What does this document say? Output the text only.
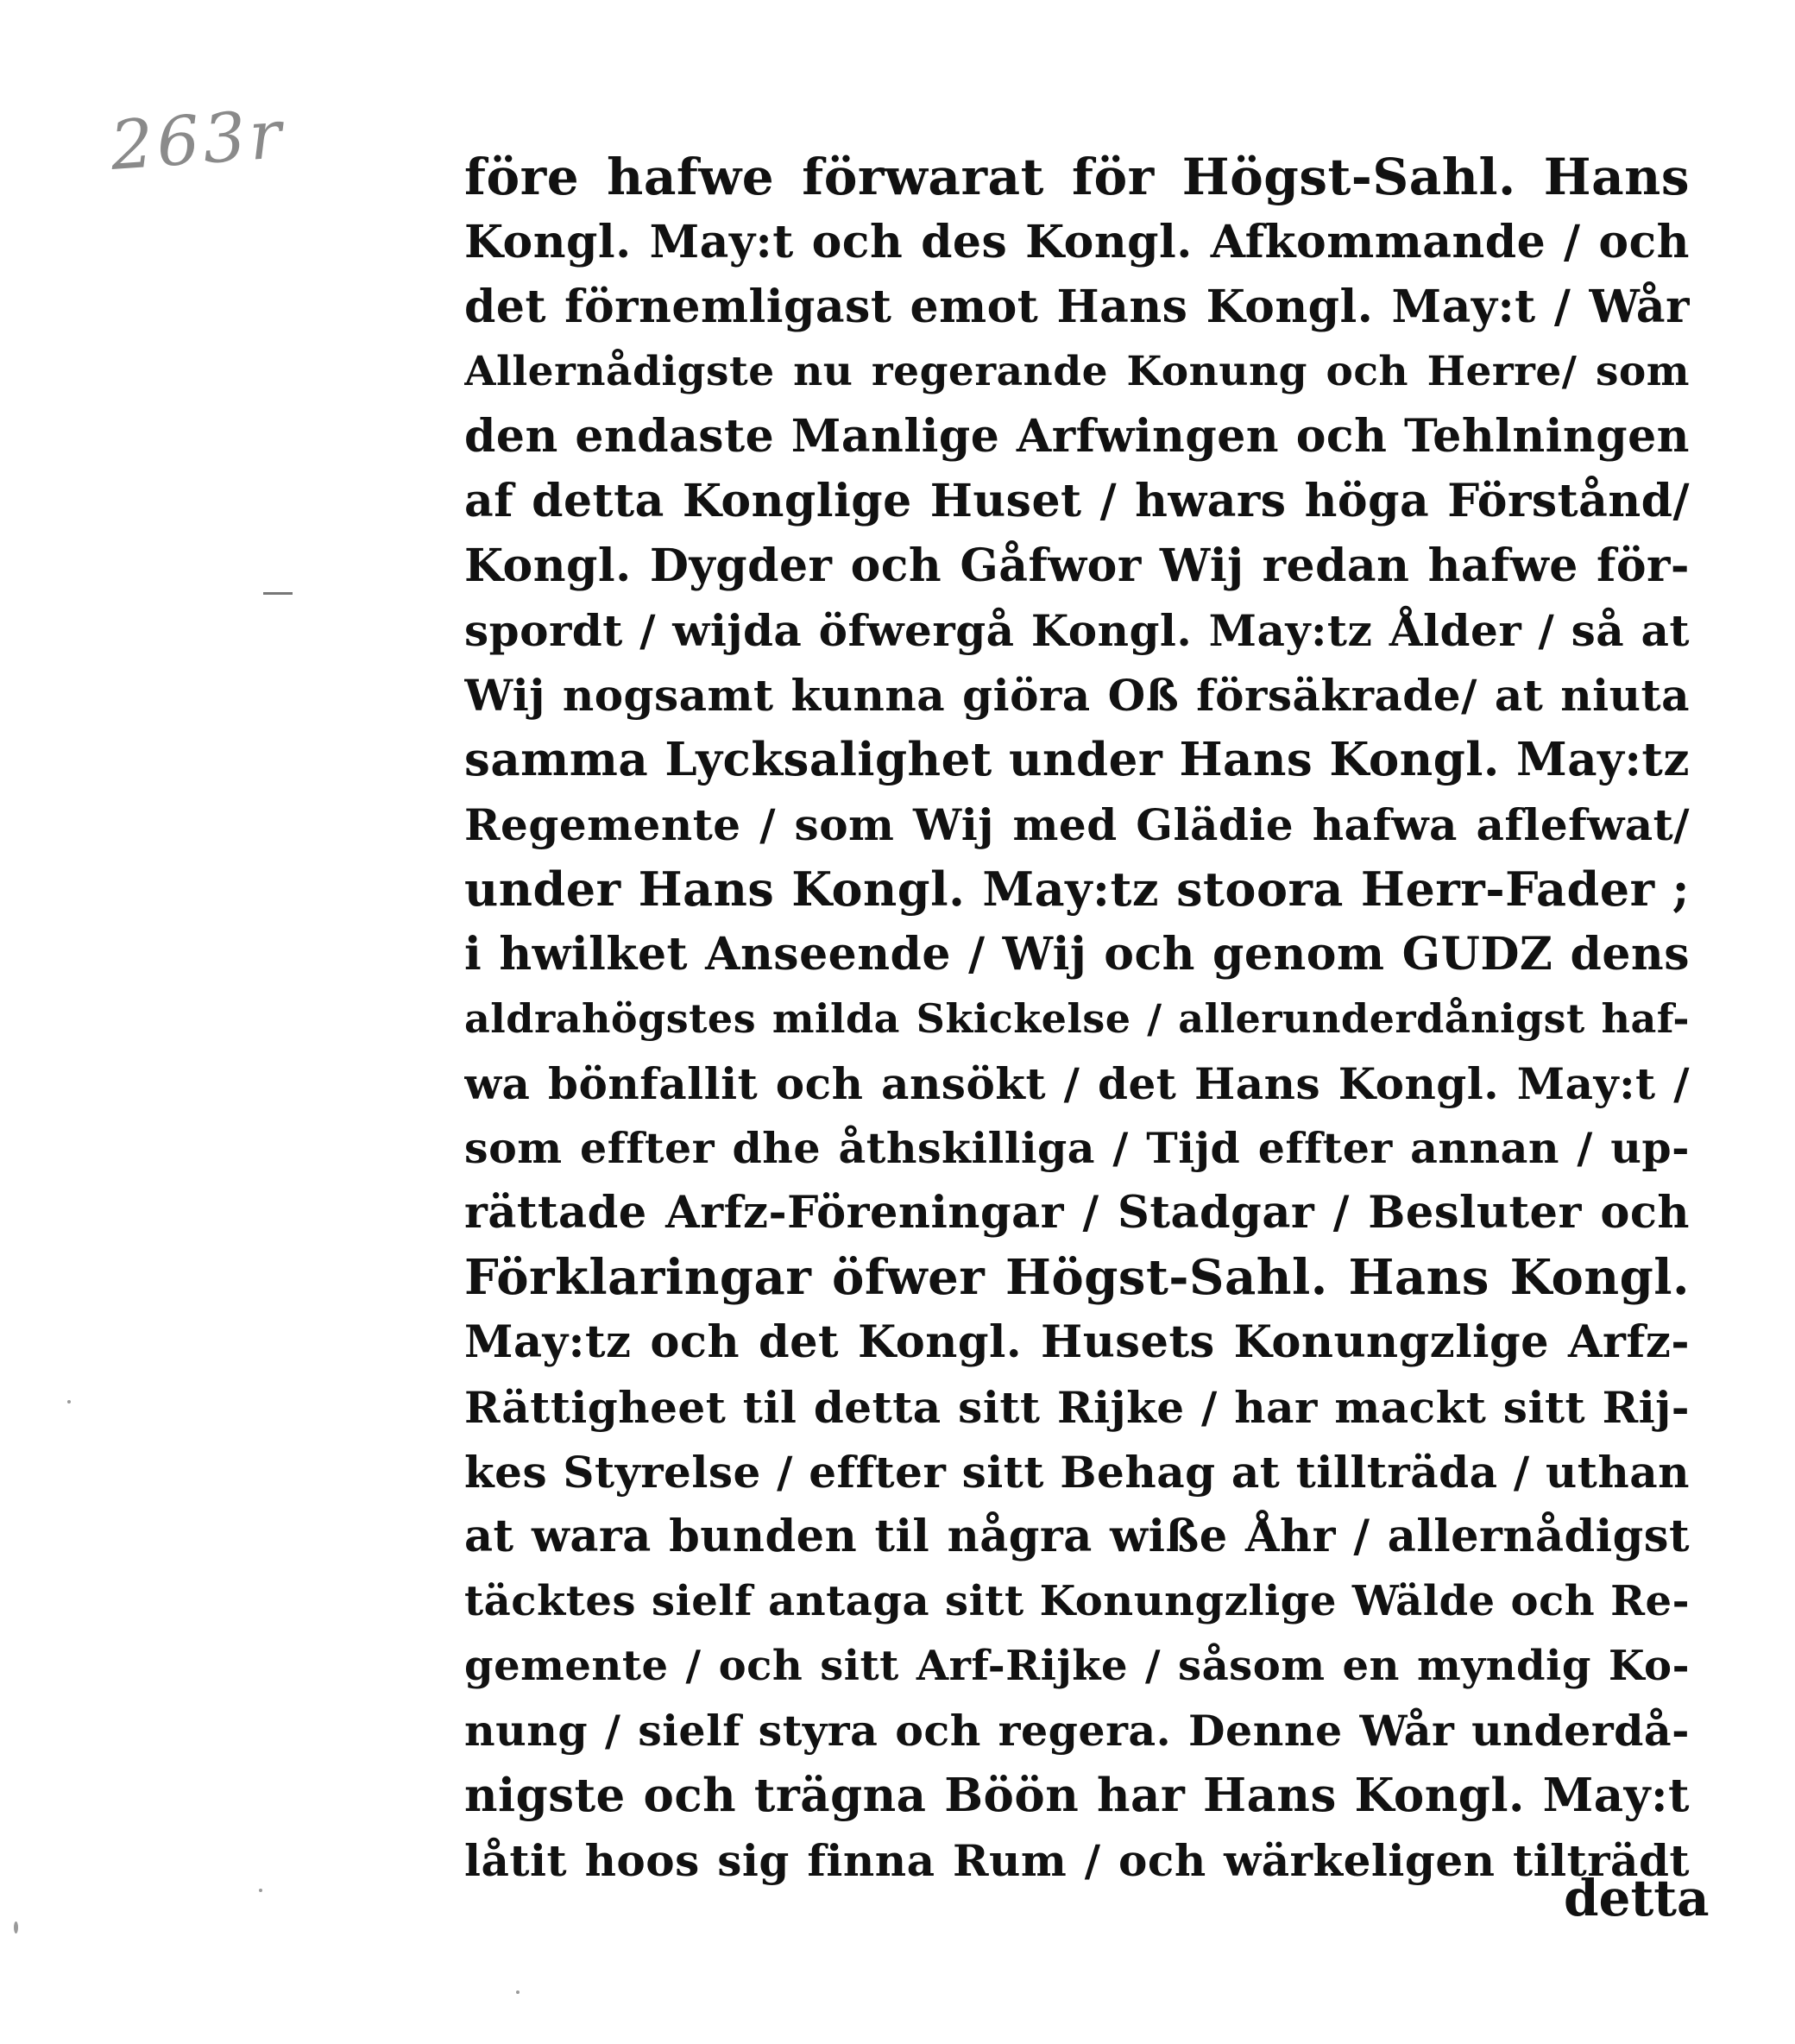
263r	före hafwe förwarat för Högst-Sahl. Hans
Kongl. May:t och des Kongl. Afkommande / och
det förnemligast emot Hans Kongl. May:t / Wår
Allernådigste nu regerande Konung och Herre/ som
den endaste Manlige Arfwingen och Tehlningen
af detta Konglige Huset / hwars höga Förstånd/
Kongl. Dygder och Gåfwor Wij redan hafwe för-
spordt / wijda öfwergå Kongl. May:tz Ålder / så at
Wij nogsamt kunna giöra Oß försäkrade/ at niuta
samma Lycksalighet under Hans Kongl. May:tz
Regemente / som Wij med Glädie hafwa aflefwat/
under Hans Kongl. May:tz stoora Herr-Fader ;
i hwilket Anseende / Wij och genom GUDZ dens
aldrahögstes milda Skickelse / allerunderdånigst haf-
wa bönfallit och ansökt / det Hans Kongl. May:t /
som effter dhe åthskilliga / Tijd effter annan / up-
rättade Arfz-Föreningar / Stadgar / Besluter och
Förklaringar öfwer Högst-Sahl. Hans Kongl.
May:tz och det Kongl. Husets Konungzlige Arfz-
Rättigheet til detta sitt Rijke / har mackt sitt Rij-
kes Styrelse / effter sitt Behag at tillträda / uthan
at wara bunden til några wiße Åhr / allernådigst
täcktes sielf antaga sitt Konungzlige Wälde och Re-
gemente / och sitt Arf-Rijke / såsom en myndig Ko-
nung / sielf styra och regera. Denne Wår underdå-
nigste och trägna Böön har Hans Kongl. May:t
låtit hoos sig finna Rum / och wärkeligen tilträdt
detta
